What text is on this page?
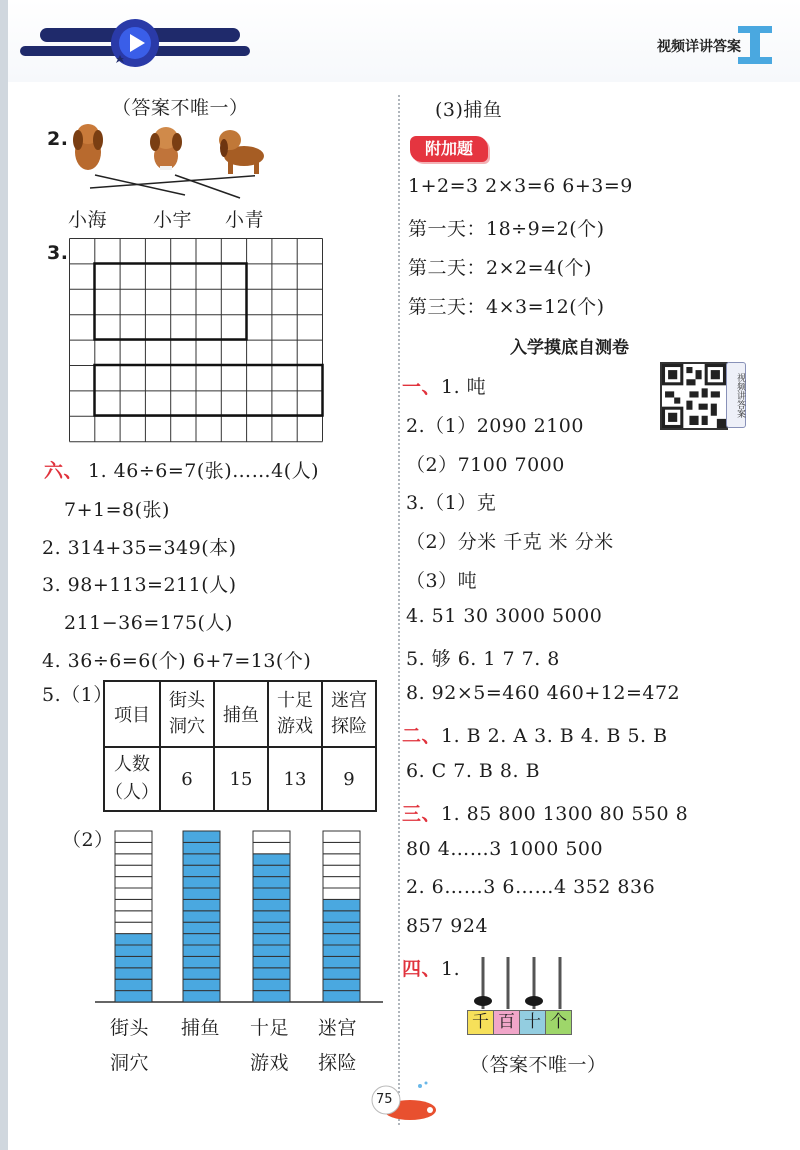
视频详讲答案
（答案不唯一）
2.
小海 小宇 小青
3.
六、 1. 46÷6=7(张)……4(人)
7+1=8(张)
2. 314+35=349(本)
3. 98+113=211(人)
211−36=175(人)
4. 36÷6=6(个) 6+7=13(个)
5.（1）
项目	街头洞穴	捕鱼	十足游戏	迷宫探险
人数（人）	6	15	13	9
（2）
街头 捕鱼 十足 迷宫
洞穴	游戏 探险
(3)捕鱼
附加题
1+2=3 2×3=6 6+3=9
第一天：18÷9=2(个)
第二天：2×2=4(个)
第三天：4×3=12(个)
入学摸底自测卷
视频讲答案
一、1. 吨
2.（1）2090 2100
（2）7100 7000
3.（1）克
（2）分米 千克 米 分米
（3）吨
4. 51 30 3000 5000
5. 够 6. 1 7 7. 8
8. 92×5=460 460+12=472
二、1. B 2. A 3. B 4. B 5. B
6. C 7. B 8. B
三、1. 85 800 1300 80 550 8
80 4……3 1000 500
2. 6……3 6……4 352 836
857 924
四、1.
千 百 十 个
（答案不唯一）
75
